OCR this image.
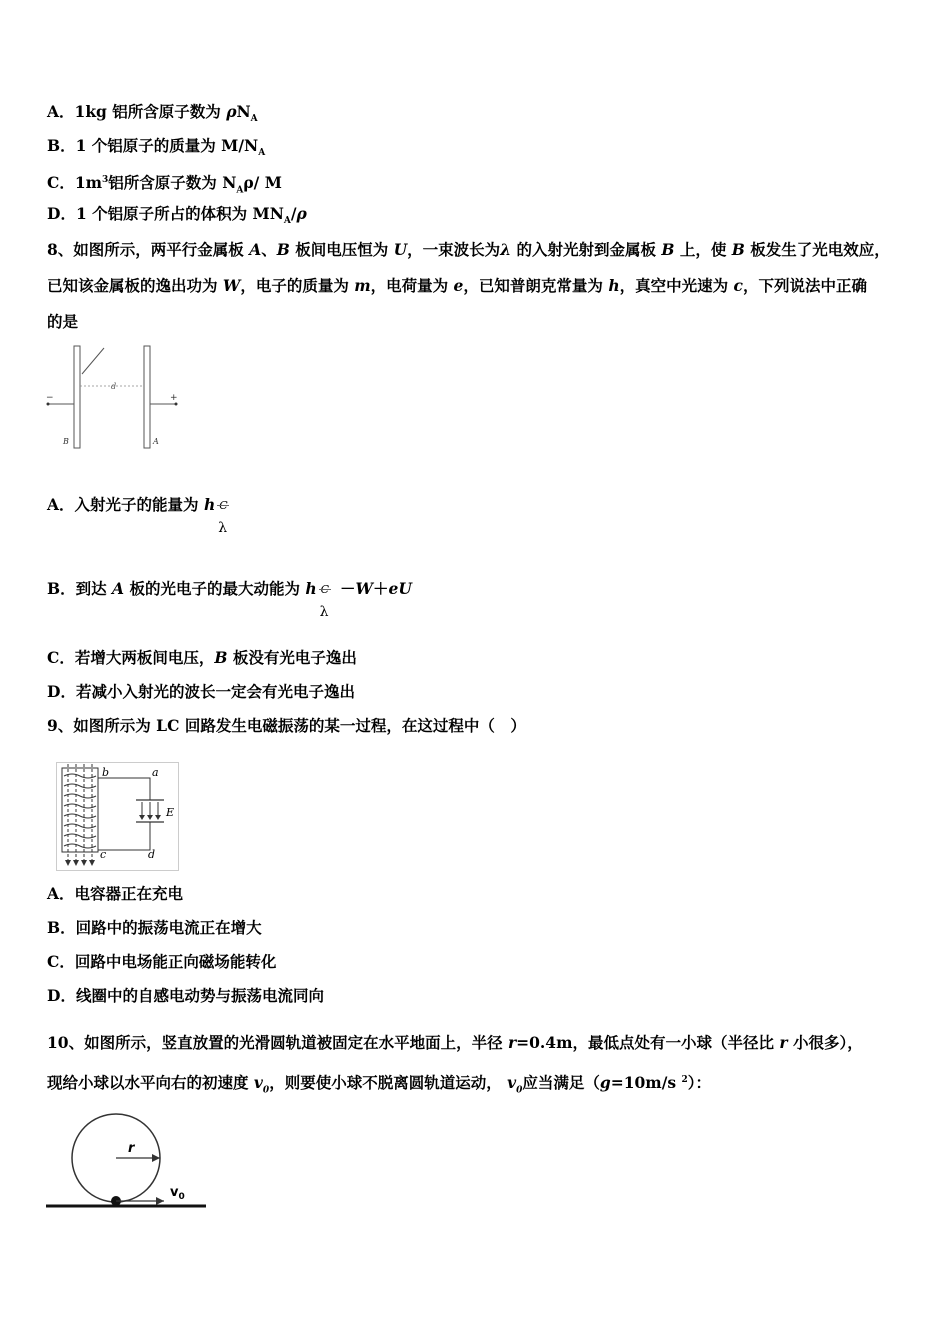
A．1kg 铝所含原子数为 $\rho N_A$
B．1 个铝原子的质量为 $M/N_A$
C．$1m^3$铝所含原子数为 $N_A\rho/$ M
D．1 个铝原子所占的体积为 $MN_A/\rho$
8、如图所示，两平行金属板 A、B 板间电压恒为 U，一束波长为λ 的入射光射到金属板 B 上，使 B 板发生了光电效应，
已知该金属板的逸出功为 W，电子的质量为 m，电荷量为 e，已知普朗克常量为 h，真空中光速为 c，下列说法中正确
的是
d
−	+
B	A
A．入射光子的能量为 h C
λ
B．到达 A 板的光电子的最大动能为 h C
λ
－W＋eU
C．若增大两板间电压，B 板没有光电子逸出
D．若减小入射光的波长一定会有光电子逸出
9、如图所示为 LC 回路发生电磁振荡的某一过程，在这过程中（　）
b	a
c	d
E
A．电容器正在充电
B．回路中的振荡电流正在增大
C．回路中电场能正向磁场能转化
D．线圈中的自感电动势与振荡电流同向
10、如图所示，竖直放置的光滑圆轨道被固定在水平地面上，半径 r=0.4m，最低点处有一小球（半径比 r 小很多），
现给小球以水平向右的初速度 $v_0$，则要使小球不脱离圆轨道运动， $v_0$应当满足（g=10m/s $^2$）：
r
$v_0$
